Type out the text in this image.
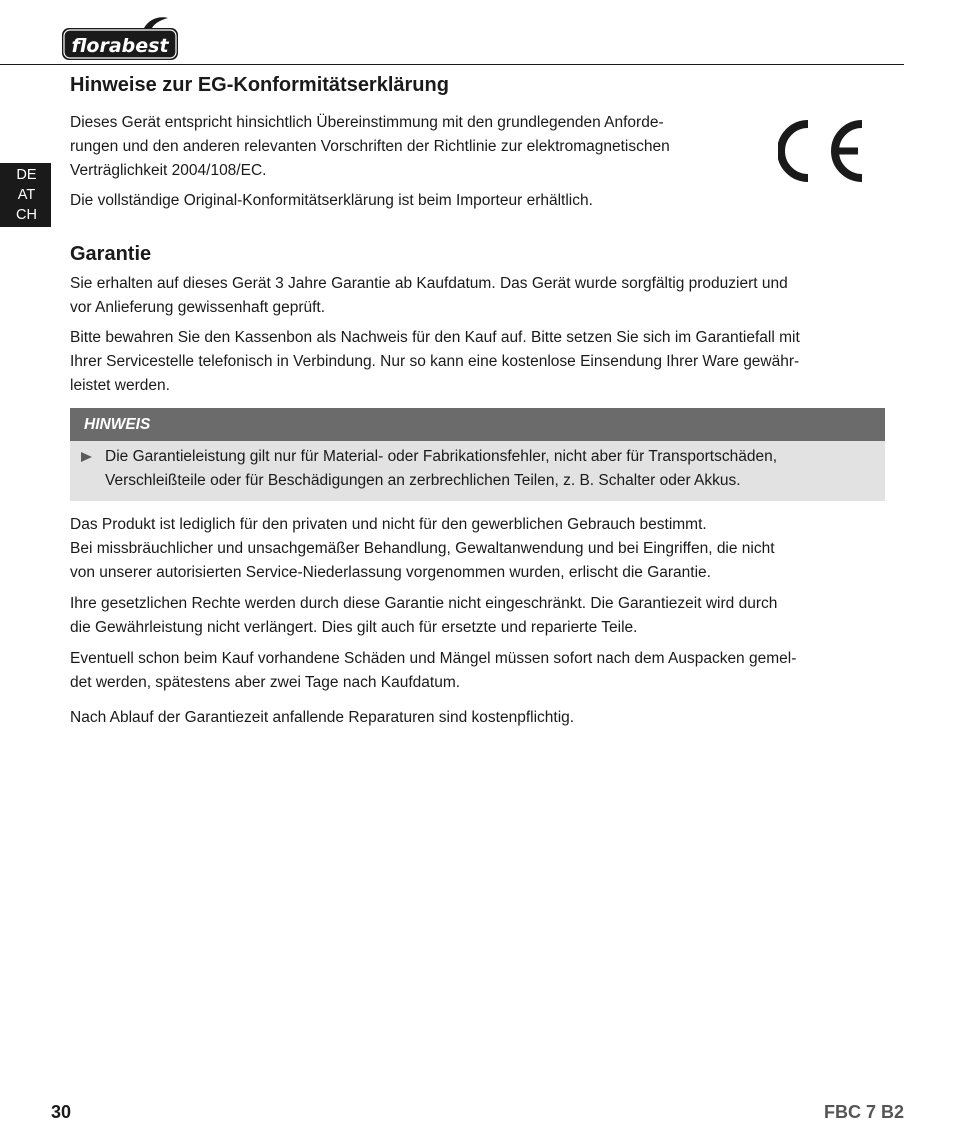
florabest
DE
AT
CH
Hinweise zur EG-Konformitätserklärung

Dieses Gerät entspricht hinsichtlich Übereinstimmung mit den grundlegenden Anforde-
rungen und den anderen relevanten Vorschriften der Richtlinie zur elektromagnetischen
Verträglichkeit 2004/108/EC.

Die vollständige Original-Konformitätserklärung ist beim Importeur erhältlich.

Garantie

Sie erhalten auf dieses Gerät 3 Jahre Garantie ab Kaufdatum. Das Gerät wurde sorgfältig produziert und
vor Anlieferung gewissenhaft geprüft.

Bitte bewahren Sie den Kassenbon als Nachweis für den Kauf auf. Bitte setzen Sie sich im Garantiefall mit
Ihrer Servicestelle telefonisch in Verbindung. Nur so kann eine kostenlose Einsendung Ihrer Ware gewähr-
leistet werden.

HINWEIS

Die Garantieleistung gilt nur für Material- oder Fabrikationsfehler, nicht aber für Transportschäden,
Verschleißteile oder für Beschädigungen an zerbrechlichen Teilen, z. B. Schalter oder Akkus.

Das Produkt ist lediglich für den privaten und nicht für den gewerblichen Gebrauch bestimmt.
Bei missbräuchlicher und unsachgemäßer Behandlung, Gewaltanwendung und bei Eingriffen, die nicht
von unserer autorisierten Service-Niederlassung vorgenommen wurden, erlischt die Garantie.

Ihre gesetzlichen Rechte werden durch diese Garantie nicht eingeschränkt. Die Garantiezeit wird durch
die Gewährleistung nicht verlängert. Dies gilt auch für ersetzte und reparierte Teile.

Eventuell schon beim Kauf vorhandene Schäden und Mängel müssen sofort nach dem Auspacken gemel-
det werden, spätestens aber zwei Tage nach Kaufdatum.

Nach Ablauf der Garantiezeit anfallende Reparaturen sind kostenpflichtig.

30	FBC 7 B2
